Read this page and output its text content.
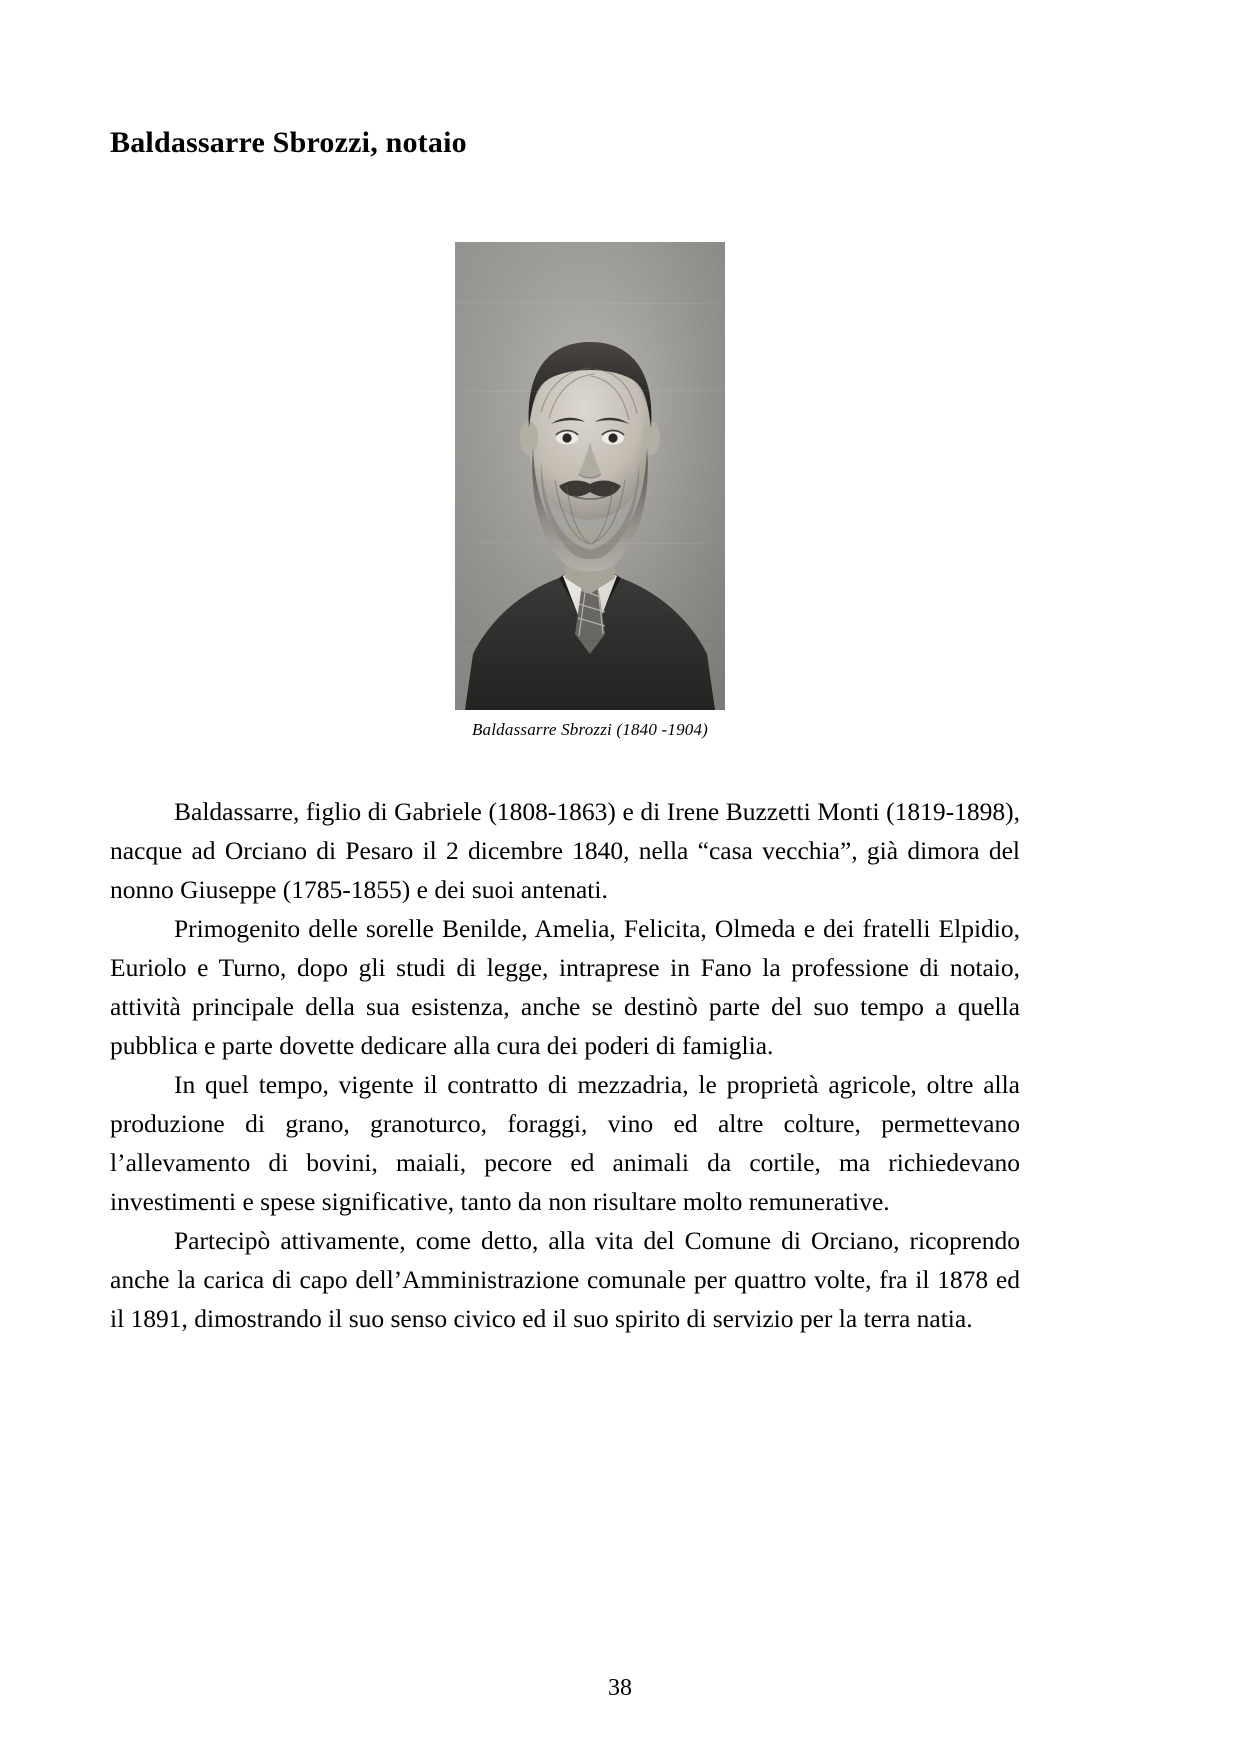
Baldassarre Sbrozzi, notaio
Baldassarre Sbrozzi (1840 -1904)

Baldassarre, figlio di Gabriele (1808-1863) e di Irene Buzzetti Monti (1819-1898), nacque ad Orciano di Pesaro il 2 dicembre 1840, nella “casa vecchia”, già dimora del nonno Giuseppe (1785-1855) e dei suoi antenati.

Primogenito delle sorelle Benilde, Amelia, Felicita, Olmeda e dei fratelli Elpidio, Euriolo e Turno, dopo gli studi di legge, intraprese in Fano la professione di notaio, attività principale della sua esistenza, anche se destinò parte del suo tempo a quella pubblica e parte dovette dedicare alla cura dei poderi di famiglia.

In quel tempo, vigente il contratto di mezzadria, le proprietà agricole, oltre alla produzione di grano, granoturco, foraggi, vino ed altre colture, permettevano l’allevamento di bovini, maiali, pecore ed animali da cortile, ma richiedevano investimenti e spese significative, tanto da non risultare molto remunerative.

Partecipò attivamente, come detto, alla vita del Comune di Orciano, ricoprendo anche la carica di capo dell’Amministrazione comunale per quattro volte, fra il 1878 ed il 1891, dimostrando il suo senso civico ed il suo spirito di servizio per la terra natia.

38
